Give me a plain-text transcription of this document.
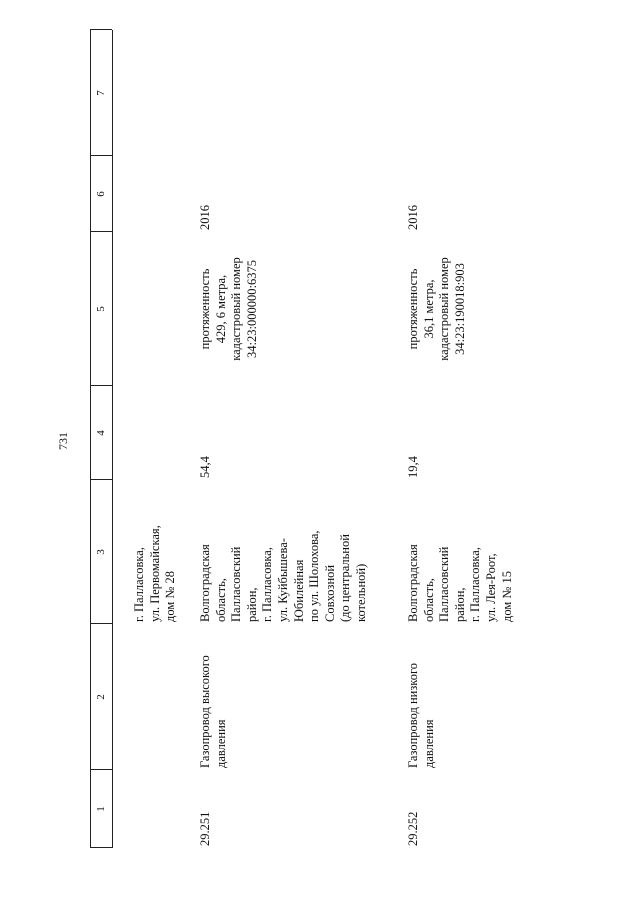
731
1
2
3
4
5
6
7
г. Палласовка,
ул. Первомайская,
дом № 28
29.251
Газопровод высокого
давления
Волгоградская
область,
Палласовский
район,
г. Палласовка,
ул. Куйбышева-
Юбилейная
по ул. Шолохова,
Совхозной
(до центральной
котельной)
54,4
протяженность
429, 6 метра,
кадастровый номер
34:23:000000:6375
2016
29.252
Газопровод низкого
давления
Волгоградская
область,
Палласовский
район,
г. Палласовка,
ул. Лея-Роот,
дом № 15
19,4
протяженность
36,1 метра,
кадастровый номер
34:23:190018:903
2016
